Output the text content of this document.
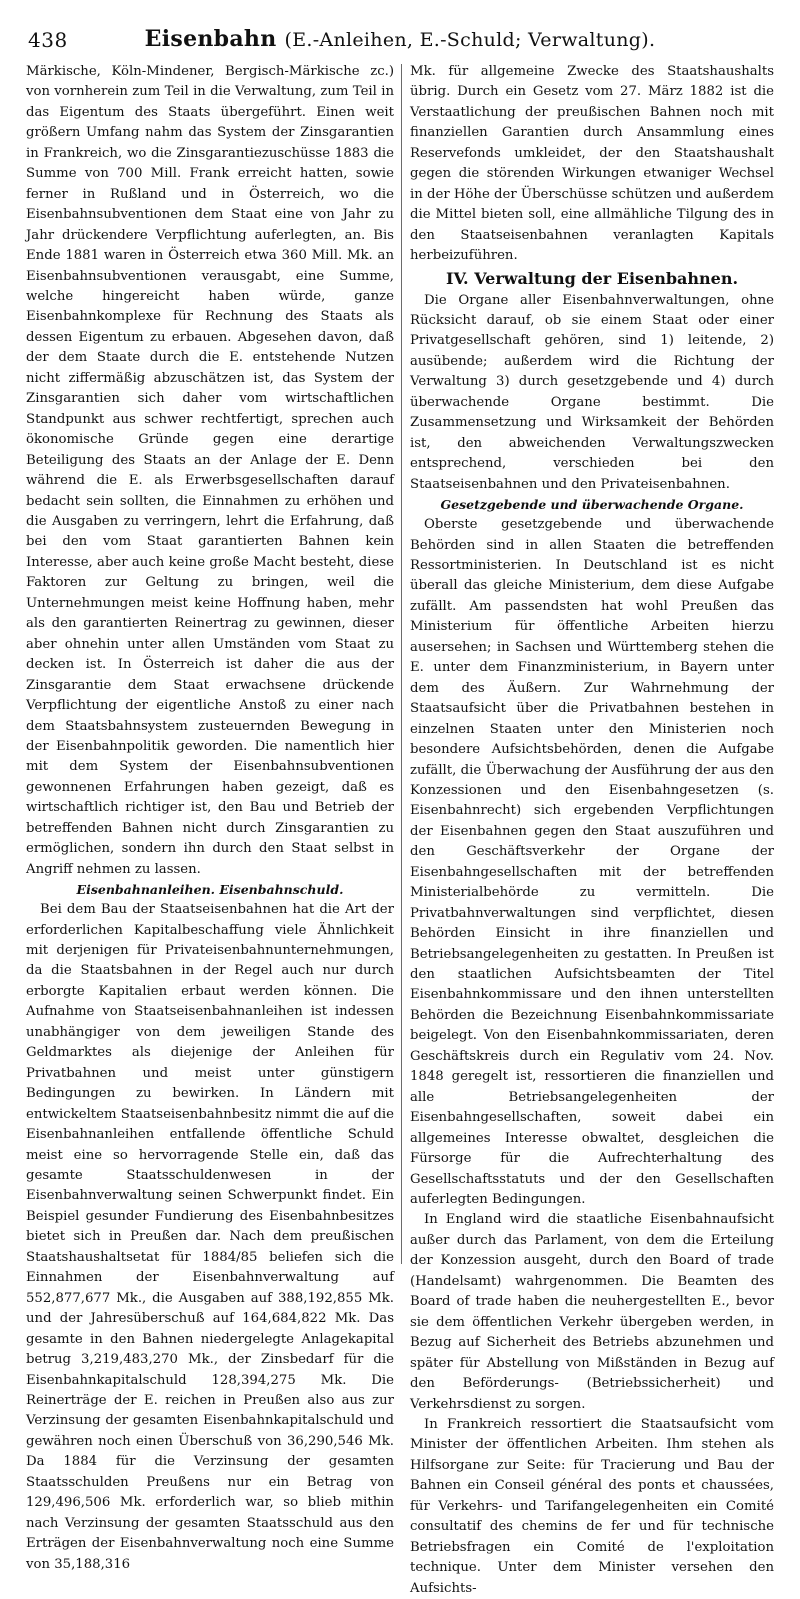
438	Eisenbahn (E.-Anleihen, E.-Schuld; Verwaltung).

Märkische, Köln-Mindener, Bergisch-Märkische zc.) von vornherein zum Teil in die Verwaltung, zum Teil in das Eigentum des Staats übergeführt. Einen weit größern Umfang nahm das System der Zinsgarantien in Frankreich, wo die Zinsgarantiezuschüsse 1883 die Summe von 700 Mill. Frank erreicht hatten, sowie ferner in Rußland und in Österreich, wo die Eisenbahnsubventionen dem Staat eine von Jahr zu Jahr drückendere Verpflichtung auferlegten, an. Bis Ende 1881 waren in Österreich etwa 360 Mill. Mk. an Eisenbahnsubventionen verausgabt, eine Summe, welche hingereicht haben würde, ganze Eisenbahnkomplexe für Rechnung des Staats als dessen Eigentum zu erbauen. Abgesehen davon, daß der dem Staate durch die E. entstehende Nutzen nicht ziffermäßig abzuschätzen ist, das System der Zinsgarantien sich daher vom wirtschaftlichen Standpunkt aus schwer rechtfertigt, sprechen auch ökonomische Gründe gegen eine derartige Beteiligung des Staats an der Anlage der E. Denn während die E. als Erwerbsgesellschaften darauf bedacht sein sollten, die Einnahmen zu erhöhen und die Ausgaben zu verringern, lehrt die Erfahrung, daß bei den vom Staat garantierten Bahnen kein Interesse, aber auch keine große Macht besteht, diese Faktoren zur Geltung zu bringen, weil die Unternehmungen meist keine Hoffnung haben, mehr als den garantierten Reinertrag zu gewinnen, dieser aber ohnehin unter allen Umständen vom Staat zu decken ist. In Österreich ist daher die aus der Zinsgarantie dem Staat erwachsene drückende Verpflichtung der eigentliche Anstoß zu einer nach dem Staatsbahnsystem zusteuernden Bewegung in der Eisenbahnpolitik geworden. Die namentlich hier mit dem System der Eisenbahnsubventionen gewonnenen Erfahrungen haben gezeigt, daß es wirtschaftlich richtiger ist, den Bau und Betrieb der betreffenden Bahnen nicht durch Zinsgarantien zu ermöglichen, sondern ihn durch den Staat selbst in Angriff nehmen zu lassen.

Eisenbahnanleihen. Eisenbahnschuld.

Bei dem Bau der Staatseisenbahnen hat die Art der erforderlichen Kapitalbeschaffung viele Ähnlichkeit mit derjenigen für Privateisenbahnunternehmungen, da die Staatsbahnen in der Regel auch nur durch erborgte Kapitalien erbaut werden können. Die Aufnahme von Staatseisenbahnanleihen ist indessen unabhängiger von dem jeweiligen Stande des Geldmarktes als diejenige der Anleihen für Privatbahnen und meist unter günstigern Bedingungen zu bewirken. In Ländern mit entwickeltem Staatseisenbahnbesitz nimmt die auf die Eisenbahnanleihen entfallende öffentliche Schuld meist eine so hervorragende Stelle ein, daß das gesamte Staatsschuldenwesen in der Eisenbahnverwaltung seinen Schwerpunkt findet. Ein Beispiel gesunder Fundierung des Eisenbahnbesitzes bietet sich in Preußen dar. Nach dem preußischen Staatshaushaltsetat für 1884/85 beliefen sich die Einnahmen der Eisenbahnverwaltung auf 552,877,677 Mk., die Ausgaben auf 388,192,855 Mk. und der Jahresüberschuß auf 164,684,822 Mk. Das gesamte in den Bahnen niedergelegte Anlagekapital betrug 3,219,483,270 Mk., der Zinsbedarf für die Eisenbahnkapitalschuld 128,394,275 Mk. Die Reinerträge der E. reichen in Preußen also aus zur Verzinsung der gesamten Eisenbahnkapitalschuld und gewähren noch einen Überschuß von 36,290,546 Mk. Da 1884 für die Verzinsung der gesamten Staatsschulden Preußens nur ein Betrag von 129,496,506 Mk. erforderlich war, so blieb mithin nach Verzinsung der gesamten Staatsschuld aus den Erträgen der Eisenbahnverwaltung noch eine Summe von 35,188,316

Mk. für allgemeine Zwecke des Staatshaushalts übrig. Durch ein Gesetz vom 27. März 1882 ist die Verstaatlichung der preußischen Bahnen noch mit finanziellen Garantien durch Ansammlung eines Reservefonds umkleidet, der den Staatshaushalt gegen die störenden Wirkungen etwaniger Wechsel in der Höhe der Überschüsse schützen und außerdem die Mittel bieten soll, eine allmähliche Tilgung des in den Staatseisenbahnen veranlagten Kapitals herbeizuführen.

IV. Verwaltung der Eisenbahnen.

Die Organe aller Eisenbahnverwaltungen, ohne Rücksicht darauf, ob sie einem Staat oder einer Privatgesellschaft gehören, sind 1) leitende, 2) ausübende; außerdem wird die Richtung der Verwaltung 3) durch gesetzgebende und 4) durch überwachende Organe bestimmt. Die Zusammensetzung und Wirksamkeit der Behörden ist, den abweichenden Verwaltungszwecken entsprechend, verschieden bei den Staatseisenbahnen und den Privateisenbahnen.

Gesetzgebende und überwachende Organe.

Oberste gesetzgebende und überwachende Behörden sind in allen Staaten die betreffenden Ressortministerien. In Deutschland ist es nicht überall das gleiche Ministerium, dem diese Aufgabe zufällt. Am passendsten hat wohl Preußen das Ministerium für öffentliche Arbeiten hierzu ausersehen; in Sachsen und Württemberg stehen die E. unter dem Finanzministerium, in Bayern unter dem des Äußern. Zur Wahrnehmung der Staatsaufsicht über die Privatbahnen bestehen in einzelnen Staaten unter den Ministerien noch besondere Aufsichtsbehörden, denen die Aufgabe zufällt, die Überwachung der Ausführung der aus den Konzessionen und den Eisenbahngesetzen (s. Eisenbahnrecht) sich ergebenden Verpflichtungen der Eisenbahnen gegen den Staat auszuführen und den Geschäftsverkehr der Organe der Eisenbahngesellschaften mit der betreffenden Ministerialbehörde zu vermitteln. Die Privatbahnverwaltungen sind verpflichtet, diesen Behörden Einsicht in ihre finanziellen und Betriebsangelegenheiten zu gestatten. In Preußen ist den staatlichen Aufsichtsbeamten der Titel Eisenbahnkommissare und den ihnen unterstellten Behörden die Bezeichnung Eisenbahnkommissariate beigelegt. Von den Eisenbahnkommissariaten, deren Geschäftskreis durch ein Regulativ vom 24. Nov. 1848 geregelt ist, ressortieren die finanziellen und alle Betriebsangelegenheiten der Eisenbahngesellschaften, soweit dabei ein allgemeines Interesse obwaltet, desgleichen die Fürsorge für die Aufrechterhaltung des Gesellschaftsstatuts und der den Gesellschaften auferlegten Bedingungen.

In England wird die staatliche Eisenbahnaufsicht außer durch das Parlament, von dem die Erteilung der Konzession ausgeht, durch den Board of trade (Handelsamt) wahrgenommen. Die Beamten des Board of trade haben die neuhergestellten E., bevor sie dem öffentlichen Verkehr übergeben werden, in Bezug auf Sicherheit des Betriebs abzunehmen und später für Abstellung von Mißständen in Bezug auf den Beförderungs- (Betriebssicherheit) und Verkehrsdienst zu sorgen.

In Frankreich ressortiert die Staatsaufsicht vom Minister der öffentlichen Arbeiten. Ihm stehen als Hilfsorgane zur Seite: für Tracierung und Bau der Bahnen ein Conseil général des ponts et chaussées, für Verkehrs- und Tarifangelegenheiten ein Comité consultatif des chemins de fer und für technische Betriebsfragen ein Comité de l'exploitation technique. Unter dem Minister versehen den Aufsichts-
